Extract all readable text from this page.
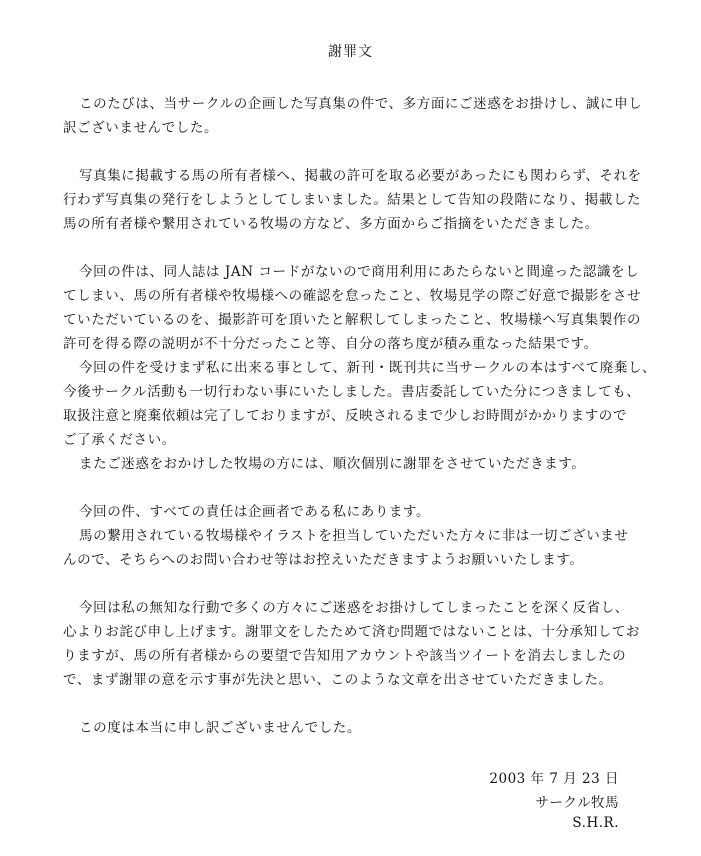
謝罪文
このたびは、当サークルの企画した写真集の件で、多方面にご迷惑をお掛けし、誠に申し
訳ございませんでした。
写真集に掲載する馬の所有者様へ、掲載の許可を取る必要があったにも関わらず、それを
行わず写真集の発行をしようとしてしまいました。結果として告知の段階になり、掲載した
馬の所有者様や繋用されている牧場の方など、多方面からご指摘をいただきました。
今回の件は、同人誌は JAN コードがないので商用利用にあたらないと間違った認識をし
てしまい、馬の所有者様や牧場様への確認を怠ったこと、牧場見学の際ご好意で撮影をさせ
ていただいているのを、撮影許可を頂いたと解釈してしまったこと、牧場様へ写真集製作の
許可を得る際の説明が不十分だったこと等、自分の落ち度が積み重なった結果です。
今回の件を受けまず私に出来る事として、新刊・既刊共に当サークルの本はすべて廃棄し、
今後サークル活動も一切行わない事にいたしました。書店委託していた分につきましても、
取扱注意と廃棄依頼は完了しておりますが、反映されるまで少しお時間がかかりますので
ご了承ください。
またご迷惑をおかけした牧場の方には、順次個別に謝罪をさせていただきます。
今回の件、すべての責任は企画者である私にあります。
馬の繋用されている牧場様やイラストを担当していただいた方々に非は一切ございませ
んので、そちらへのお問い合わせ等はお控えいただきますようお願いいたします。
今回は私の無知な行動で多くの方々にご迷惑をお掛けしてしまったことを深く反省し、
心よりお詫び申し上げます。謝罪文をしたためて済む問題ではないことは、十分承知してお
りますが、馬の所有者様からの要望で告知用アカウントや該当ツイートを消去しましたの
で、まず謝罪の意を示す事が先決と思い、このような文章を出させていただきました。
この度は本当に申し訳ございませんでした。
2003 年 7 月 23 日
サークル牧馬
S.H.R.
